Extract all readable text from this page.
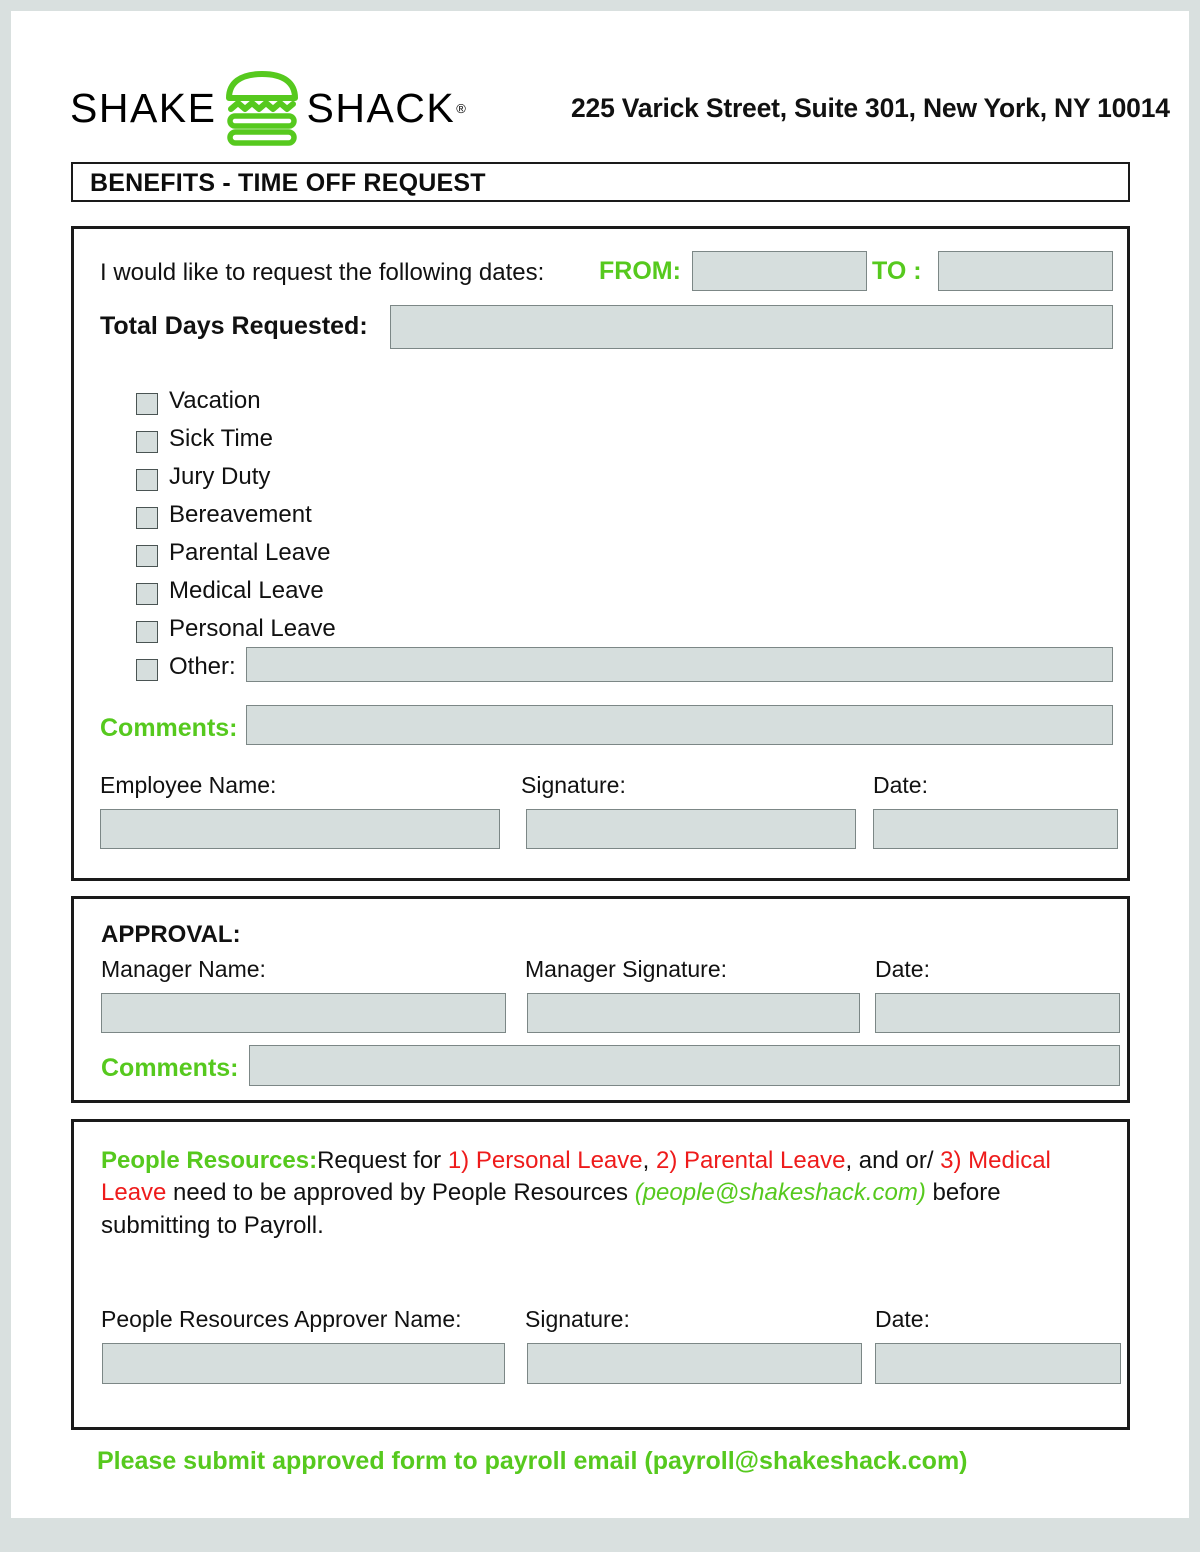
SHAKE SHACK ®	225 Varick Street, Suite 301, New York, NY 10014
BENEFITS - TIME OFF REQUEST
I would like to request the following dates: FROM:	TO :
Total Days Requested:
Vacation
Sick Time
Jury Duty
Bereavement
Parental Leave
Medical Leave
Personal Leave
Other:
Comments:
Employee Name:	Signature:	Date:
APPROVAL:
Manager Name:	Manager Signature:	Date:
Comments:
People Resources:Request for 1) Personal Leave, 2) Parental Leave, and or/ 3) Medical Leave need to be approved by People Resources (people@shakeshack.com) before submitting to Payroll.
People Resources Approver Name:	Signature:	Date:
Please submit approved form to payroll email (payroll@shakeshack.com)
